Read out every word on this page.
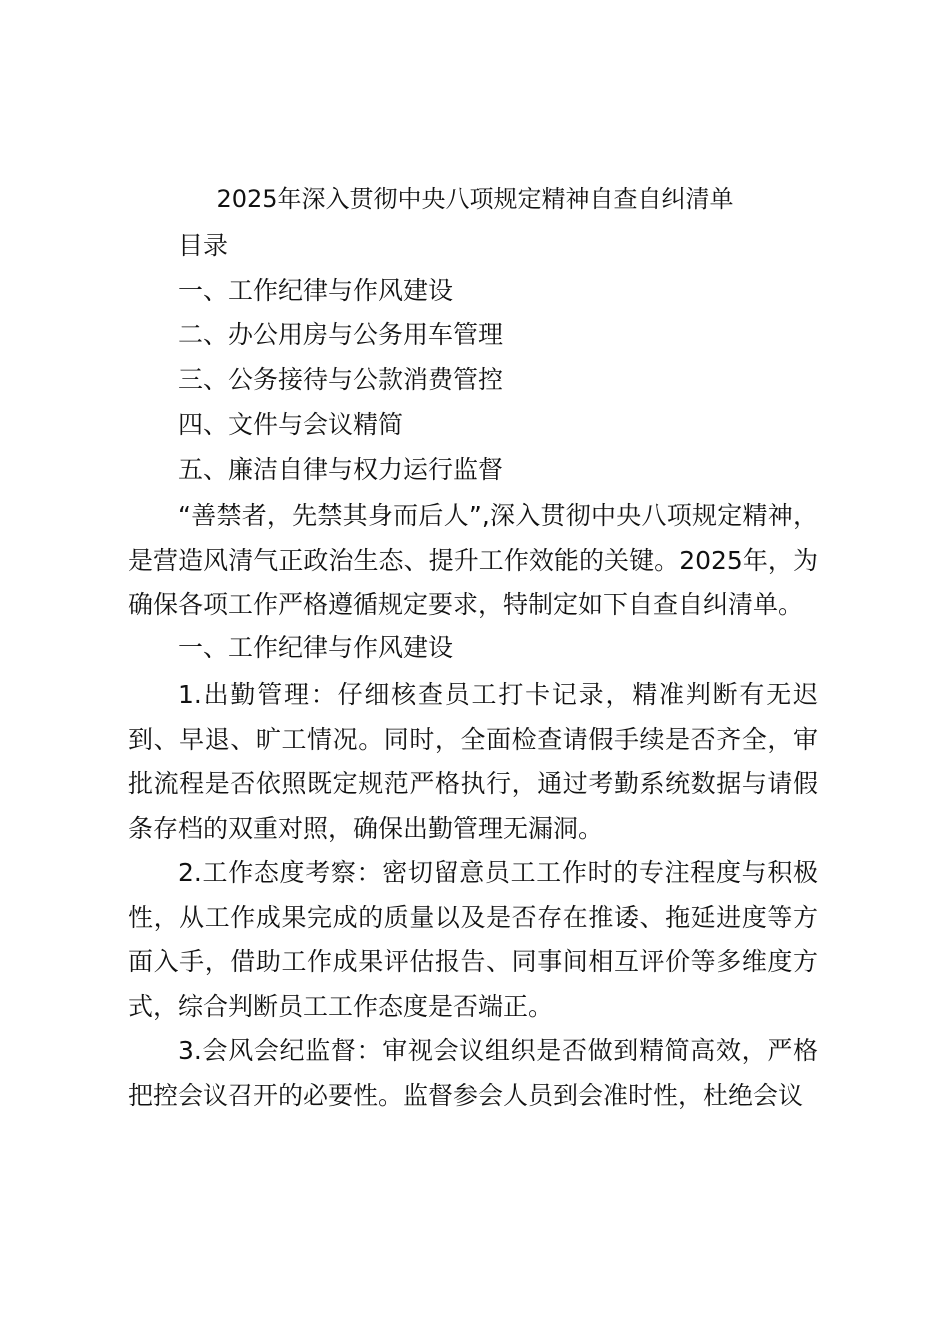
2025年深入贯彻中央八项规定精神自查自纠清单
目录
一、工作纪律与作风建设
二、办公用房与公务用车管理
三、公务接待与公款消费管控
四、文件与会议精简
五、廉洁自律与权力运行监督

“善禁者，先禁其身而后人”,深入贯彻中央八项规定精神，是营造风清气正政治生态、提升工作效能的关键。2025年，为确保各项工作严格遵循规定要求，特制定如下自查自纠清单。

一、工作纪律与作风建设

1.出勤管理：仔细核查员工打卡记录，精准判断有无迟到、早退、旷工情况。同时，全面检查请假手续是否齐全，审批流程是否依照既定规范严格执行，通过考勤系统数据与请假条存档的双重对照，确保出勤管理无漏洞。

2.工作态度考察：密切留意员工工作时的专注程度与积极性，从工作成果完成的质量以及是否存在推诿、拖延进度等方面入手，借助工作成果评估报告、同事间相互评价等多维度方式，综合判断员工工作态度是否端正。

3.会风会纪监督：审视会议组织是否做到精简高效，严格把控会议召开的必要性。监督参会人员到会准时性，杜绝会议
